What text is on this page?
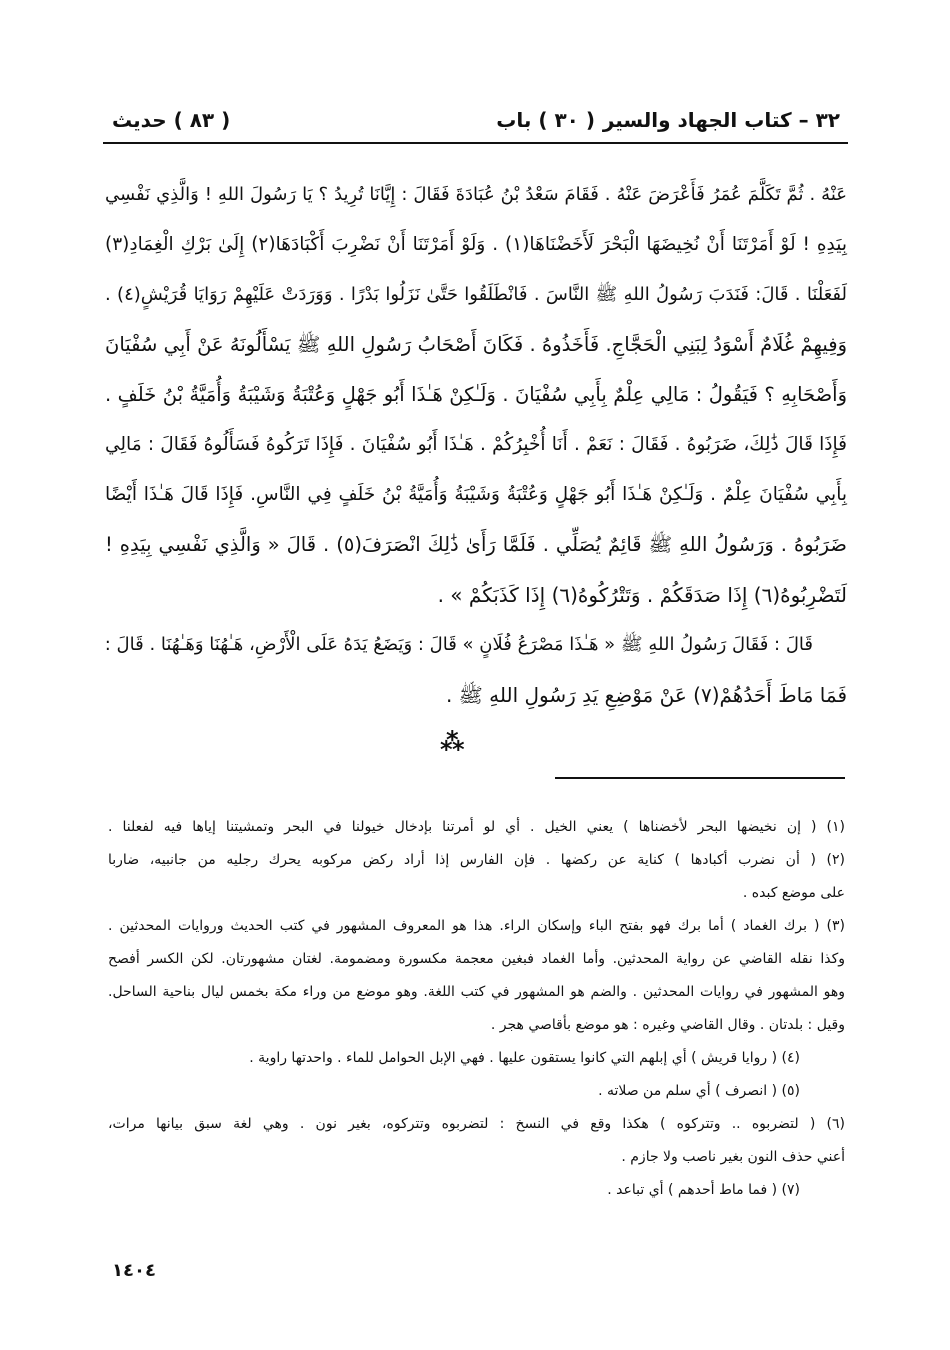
٣٢ – كتاب الجهاد والسير
( ٣٠ ) باب
( ٨٣ ) حديث
عَنْهُ . ثُمَّ تَكَلَّمَ عُمَرُ فَأَعْرَضَ عَنْهُ . فَقَامَ سَعْدُ بْنُ عُبَادَةَ فَقَالَ : إِيَّانَا تُرِيدُ ؟ يَا رَسُولَ اللهِ ! وَالَّذِي نَفْسِي
بِيَدِهِ ! لَوْ أَمَرْتَنَا أَنْ نُخِيضَهَا الْبَحْرَ لَأَخَضْنَاهَا(١) . وَلَوْ أَمَرْتَنَا أَنْ نَضْرِبَ أَكْبَادَهَا(٢) إِلَىٰ بَرْكِ الْغِمَادِ(٣)
لَفَعَلْنَا . قَالَ: فَنَدَبَ رَسُولُ اللهِ ﷺ النَّاسَ . فَانْطَلَقُوا حَتَّىٰ نَزَلُوا بَدْرًا . وَوَرَدَتْ عَلَيْهِمْ رَوَايَا قُرَيْشٍ(٤) .
وَفِيهِمْ غُلَامٌ أَسْوَدُ لِبَنِي الْحَجَّاجِ. فَأَخَذُوهُ . فَكَانَ أَصْحَابُ رَسُولِ اللهِ ﷺ يَسْأَلُونَهُ عَنْ أَبِي سُفْيَانَ
وَأَصْحَابِهِ ؟ فَيَقُولُ : مَالِي عِلْمٌ بِأَبِي سُفْيَانَ . وَلَـٰكِنْ هَـٰذَا أَبُو جَهْلٍ وَعُتْبَةُ وَشَيْبَةُ وَأُمَيَّةُ بْنُ خَلَفٍ .
فَإِذَا قَالَ ذَٰلِكَ، ضَرَبُوهُ . فَقَالَ : نَعَمْ . أَنَا أُخْبِرُكُمْ . هَـٰذَا أَبُو سُفْيَانَ . فَإِذَا تَرَكُوهُ فَسَأَلُوهُ فَقَالَ : مَالِي
بِأَبِي سُفْيَانَ عِلْمٌ . وَلَـٰكِنْ هَـٰذَا أَبُو جَهْلٍ وَعُتْبَةُ وَشَيْبَةُ وَأُمَيَّةُ بْنُ خَلَفٍ فِي النَّاسِ. فَإِذَا قَالَ هَـٰذَا أَيْضًا
ضَرَبُوهُ . وَرَسُولُ اللهِ ﷺ قَائِمٌ يُصَلِّي . فَلَمَّا رَأَىٰ ذَٰلِكَ انْصَرَفَ(٥) . قَالَ « وَالَّذِي نَفْسِي بِيَدِهِ !
لَتَضْرِبُوهُ(٦) إِذَا صَدَقَكُمْ . وَتَتْرُكُوهُ(٦) إِذَا كَذَبَكُمْ » .
قَالَ : فَقَالَ رَسُولُ اللهِ ﷺ « هَـٰذَا مَصْرَعُ فُلَانٍ » قَالَ : وَيَضَعُ يَدَهُ عَلَى الْأَرْضِ، هَـٰهُنَا وَهَـٰهُنَا . قَالَ :
فَمَا مَاطَ أَحَدُهُمْ(٧) عَنْ مَوْضِعِ يَدِ رَسُولِ اللهِ ﷺ .
⁂
(١) ( إن نخيضها البحر لأخضناها ) يعني الخيل . أي لو أمرتنا بإدخال خيولنا في البحر وتمشيتنا إياها فيه لفعلنا .
(٢) ( أن نضرب أكبادها ) كناية عن ركضها . فإن الفارس إذا أراد ركض مركوبه يحرك رجليه من جانبيه، ضاربا
على موضع كبده .
(٣) ( برك الغماد ) أما برك فهو بفتح الباء وإسكان الراء. هذا هو المعروف المشهور في كتب الحديث وروايات المحدثين .
وكذا نقله القاضي عن رواية المحدثين. وأما الغماد فبغين معجمة مكسورة ومضمومة. لغتان مشهورتان. لكن الكسر أفصح
وهو المشهور في روايات المحدثين . والضم هو المشهور في كتب اللغة. وهو موضع من وراء مكة بخمس ليال بناحية الساحل.
وقيل : بلدتان . وقال القاضي وغيره : هو موضع بأقاصي هجر .
(٤) ( روايا قريش ) أي إبلهم التي كانوا يستقون عليها . فهي الإبل الحوامل للماء . واحدتها راوية .
(٥) ( انصرف ) أي سلم من صلاته .
(٦) ( لتضربوه .. وتتركوه ) هكذا وقع في النسخ : لتضربوه وتتركوه، بغير نون . وهي لغة سبق بيانها مرات،
أعني حذف النون بغير ناصب ولا جازم .
(٧) ( فما ماط أحدهم ) أي تباعد .
١٤٠٤
